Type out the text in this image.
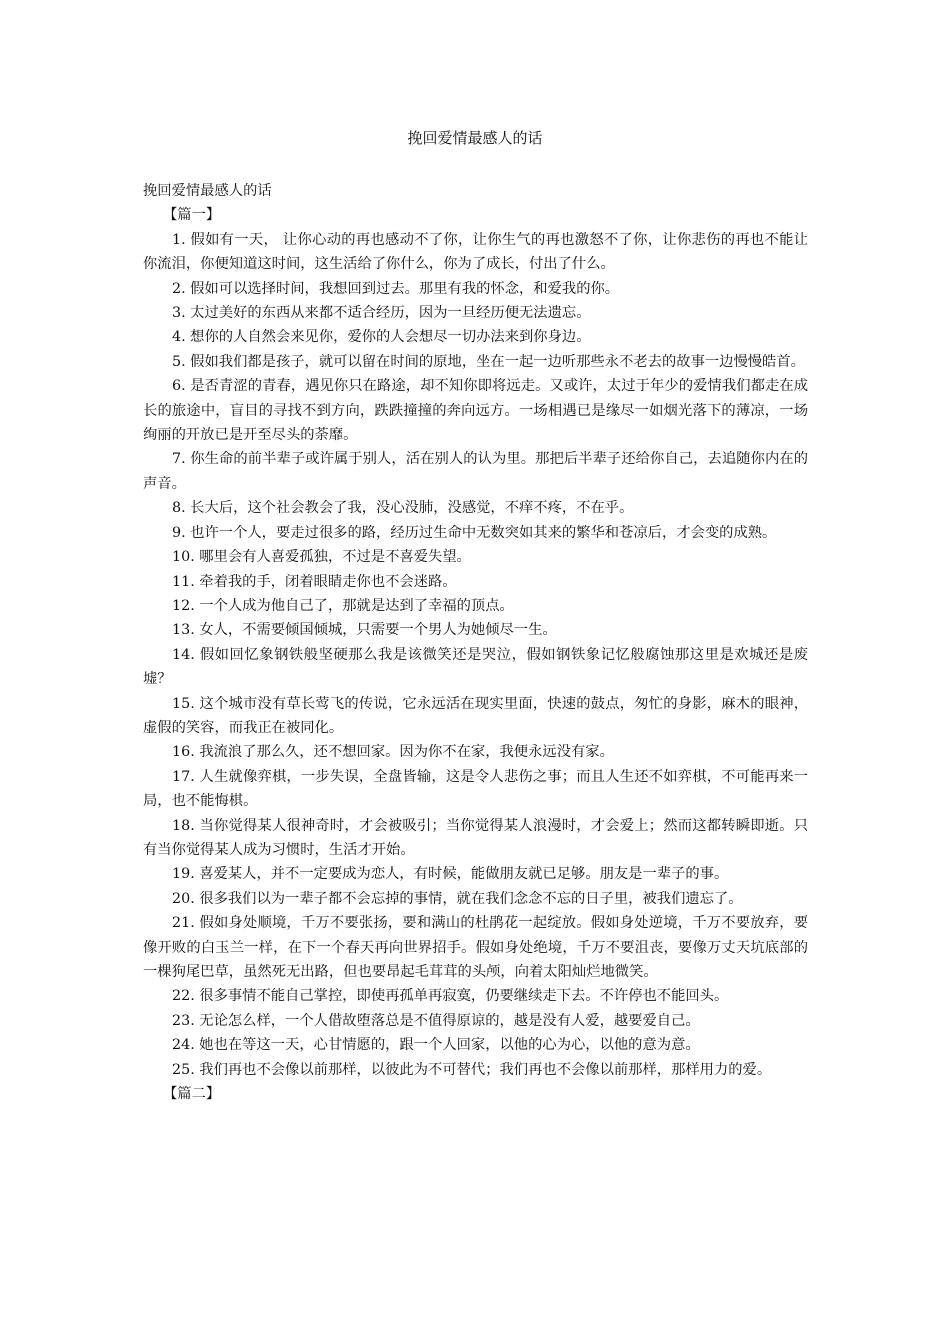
挽回爱情最感人的话

挽回爱情最感人的话

【篇一】

1. 假如有一天， 让你心动的再也感动不了你，让你生气的再也激怒不了你，让你悲伤的再也不能让你流泪，你便知道这时间，这生活给了你什么，你为了成长，付出了什么。
2. 假如可以选择时间，我想回到过去。那里有我的怀念，和爱我的你。
3. 太过美好的东西从来都不适合经历，因为一旦经历便无法遗忘。
4. 想你的人自然会来见你，爱你的人会想尽一切办法来到你身边。
5. 假如我们都是孩子，就可以留在时间的原地，坐在一起一边听那些永不老去的故事一边慢慢皓首。
6. 是否青涩的青春，遇见你只在路途，却不知你即将远走。又或许，太过于年少的爱情我们都走在成长的旅途中，盲目的寻找不到方向，跌跌撞撞的奔向远方。一场相遇已是缘尽一如烟光落下的薄凉，一场绚丽的开放已是开至尽头的荼靡。
7. 你生命的前半辈子或许属于别人，活在别人的认为里。那把后半辈子还给你自己，去追随你内在的声音。
8. 长大后，这个社会教会了我，没心没肺，没感觉，不痒不疼，不在乎。
9. 也许一个人，要走过很多的路，经历过生命中无数突如其来的繁华和苍凉后，才会变的成熟。
10. 哪里会有人喜爱孤独，不过是不喜爱失望。
11. 牵着我的手，闭着眼睛走你也不会迷路。
12. 一个人成为他自己了，那就是达到了幸福的顶点。
13. 女人，不需要倾国倾城，只需要一个男人为她倾尽一生。
14. 假如回忆象钢铁般坚硬那么我是该微笑还是哭泣，假如钢铁象记忆般腐蚀那这里是欢城还是废墟？
15. 这个城市没有草长莺飞的传说，它永远活在现实里面，快速的鼓点，匆忙的身影，麻木的眼神，虚假的笑容，而我正在被同化。
16. 我流浪了那么久，还不想回家。因为你不在家，我便永远没有家。
17. 人生就像弈棋，一步失误，全盘皆输，这是令人悲伤之事；而且人生还不如弈棋，不可能再来一局，也不能悔棋。
18. 当你觉得某人很神奇时，才会被吸引；当你觉得某人浪漫时，才会爱上；然而这都转瞬即逝。只有当你觉得某人成为习惯时，生活才开始。
19. 喜爱某人，并不一定要成为恋人，有时候，能做朋友就已足够。朋友是一辈子的事。
20. 很多我们以为一辈子都不会忘掉的事情，就在我们念念不忘的日子里，被我们遗忘了。
21. 假如身处顺境，千万不要张扬，要和满山的杜鹃花一起绽放。假如身处逆境，千万不要放弃，要像开败的白玉兰一样，在下一个春天再向世界招手。假如身处绝境，千万不要沮丧，要像万丈天坑底部的一棵狗尾巴草，虽然死无出路，但也要昂起毛茸茸的头颅，向着太阳灿烂地微笑。
22. 很多事情不能自己掌控，即使再孤单再寂寞，仍要继续走下去。不许停也不能回头。
23. 无论怎么样，一个人借故堕落总是不值得原谅的，越是没有人爱，越要爱自己。
24. 她也在等这一天，心甘情愿的，跟一个人回家，以他的心为心，以他的意为意。
25. 我们再也不会像以前那样，以彼此为不可替代；我们再也不会像以前那样，那样用力的爱。

【篇二】
